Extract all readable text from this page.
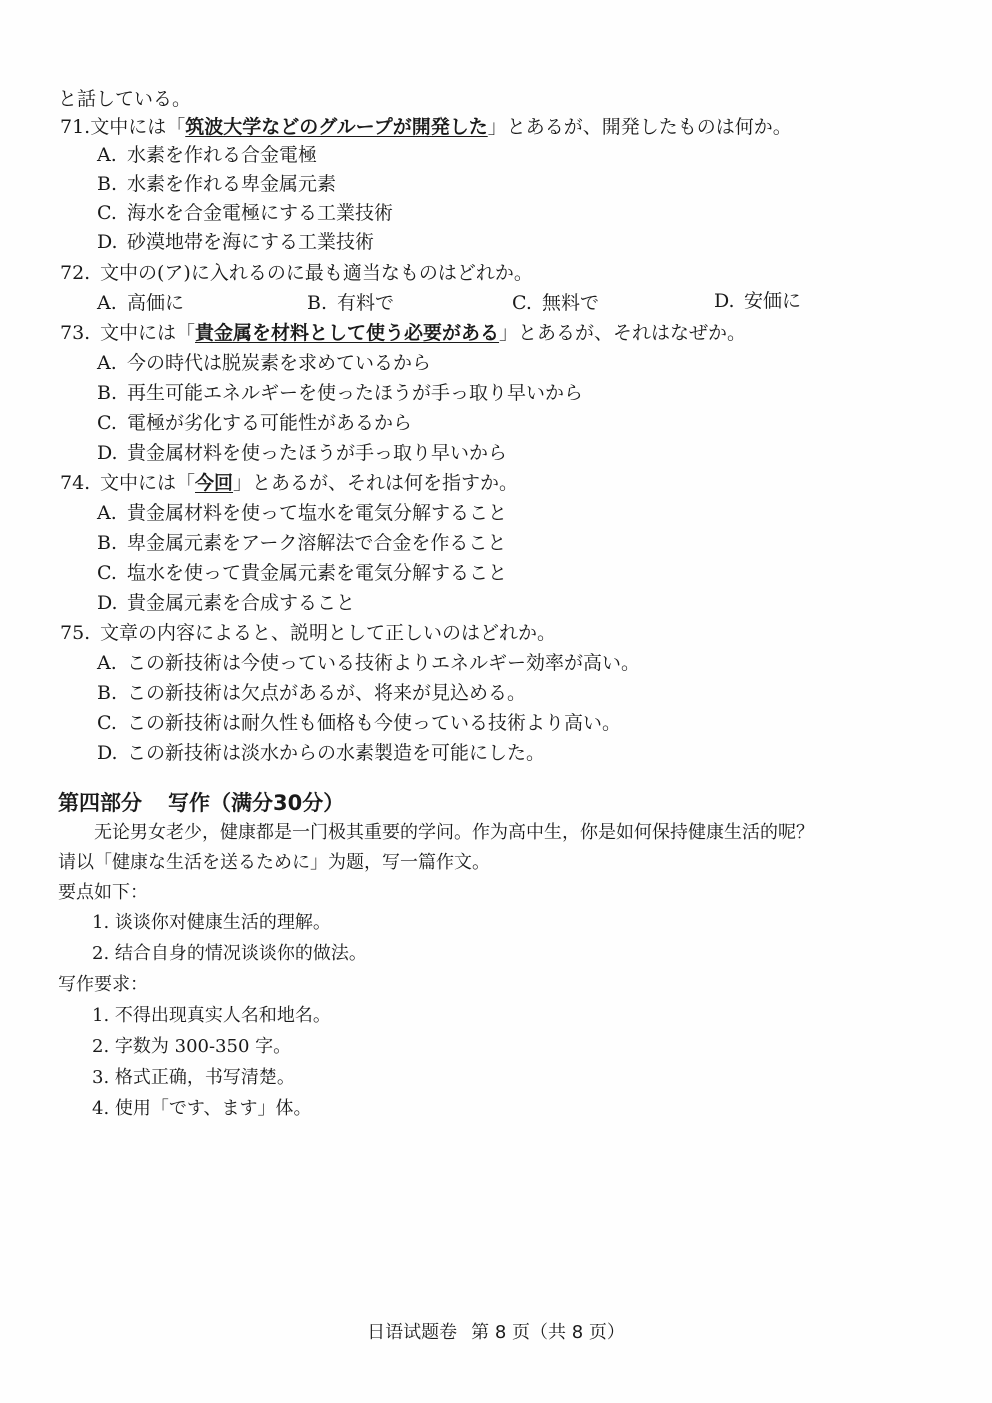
と話している。
71.文中には「筑波大学などのグループが開発した」とあるが、開発したものは何か。
A. 水素を作れる合金電極
B. 水素を作れる卑金属元素
C. 海水を合金電極にする工業技術
D. 砂漠地帯を海にする工業技術
72. 文中の(ア)に入れるのに最も適当なものはどれか。
A. 高価に	B. 有料で	C. 無料で	D. 安価に
73. 文中には「貴金属を材料として使う必要がある」とあるが、それはなぜか。
A. 今の時代は脱炭素を求めているから
B. 再生可能エネルギーを使ったほうが手っ取り早いから
C. 電極が劣化する可能性があるから
D. 貴金属材料を使ったほうが手っ取り早いから
74. 文中には「今回」とあるが、それは何を指すか。
A. 貴金属材料を使って塩水を電気分解すること
B. 卑金属元素をアーク溶解法で合金を作ること
C. 塩水を使って貴金属元素を電気分解すること
D. 貴金属元素を合成すること
75. 文章の内容によると、説明として正しいのはどれか。
A. この新技術は今使っている技術よりエネルギー効率が高い。
B. この新技術は欠点があるが、将来が見込める。
C. この新技術は耐久性も価格も今使っている技術より高い。
D. この新技術は淡水からの水素製造を可能にした。
第四部分 写作（满分30分）
无论男女老少，健康都是一门极其重要的学问。作为高中生，你是如何保持健康生活的呢？
请以「健康な生活を送るために」为题，写一篇作文。
要点如下：
1. 谈谈你对健康生活的理解。
2. 结合自身的情况谈谈你的做法。
写作要求：
1. 不得出现真实人名和地名。
2. 字数为 300-350 字。
3. 格式正确，书写清楚。
4. 使用「です、ます」体。
日语试题卷 第 8 页（共 8 页）
